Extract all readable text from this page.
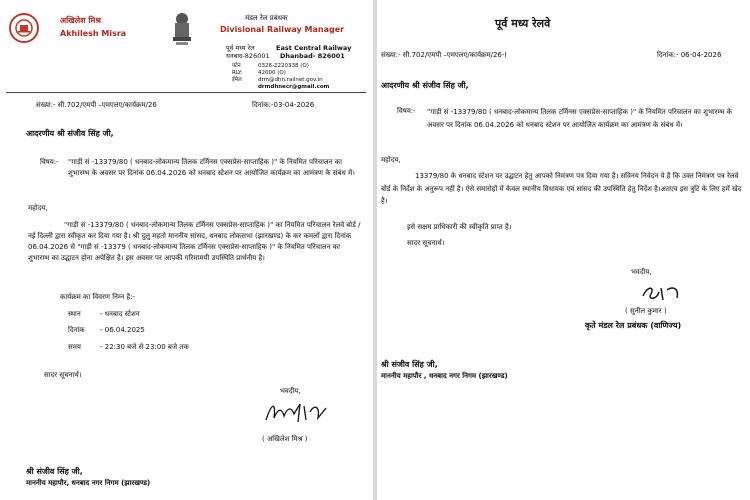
अखिलेश मिश्र
Akhilesh Misra
मंडल रेल प्रबंधक
Divisional Railway Manager
पूर्व मध्य रेल
धनबाद-826001
East Central Railway
Dhanbad- 826001
फोन	0326-2220338 (O)
RLY:	42000 (O)
ईमेल	drm@dhn.railnet.gov.in
drmdhnecr@gmail.com
संख्या:- सी.702/एमपी –एमएलए/कार्यक्रम/26	दिनांक:-03-04-2026
आदरणीय श्री संजीव सिंह जी,
विषय:- "गाड़ी सं -13379/80 ( धनबाद-लोकमान्य तिलक टर्मिनस एक्सप्रेस-साप्ताहिक )" के नियमित परिचालन का शुभारम्भ के अवसर पर दिनांक 06.04.2026 को धनबाद स्टेशन पर आयोजित कार्यक्रम का आमंत्रण के संबंध में।
महोदय,
"गाड़ी सं -13379/80 ( धनबाद-लोकमान्य तिलक टर्मिनस एक्सप्रेस-साप्ताहिक )" का नियमित परिचालन रेलवे बोर्ड / नई दिल्ली द्वारा स्वीकृत कर दिया गया है। श्री दुलु महतो माननीय सांसद, धनबाद लोकसभा (झारखण्ड) के कर कमलों द्वारा दिनांक 06.04.2026 से "गाड़ी सं -13379 ( धनबाद-लोकमान्य तिलक टर्मिनस एक्सप्रेस-साप्ताहिक )" के नियमित परिचालन का शुभारम्भ का उद्घाटन होना अपेक्षित है। इस अवसर पर आपकी गरिमामयी उपस्थिति प्रार्थनीय है।
कार्यक्रम का विवरण निम्न है:-
स्थान	- धनबाद स्टेशन
दिनांक - 06.04.2025
समय	- 22:30 बजे से 23:00 बजे तक
सादर सूचनार्थ।
भवदीय,
( अखिलेश मिश्र )
श्री संजीव सिंह जी,
माननीय महापौर, धनबाद नगर निगम (झारखण्ड)
पूर्व मध्य रेलवे
संख्या:- सी.702/एमपी –एमएलए/कार्यक्रम/26-I	दिनांक:- 06-04-2026
आदरणीय श्री संजीव सिंह जी,
विषय:- "गाड़ी सं -13379/80 ( धनबाद-लोकमान्य तिलक टर्मिनस एक्सप्रेस-साप्ताहिक )" के नियमित परिचालन का शुभारम्भ के अवसर पर दिनांक 06.04.2026 को धनबाद स्टेशन पर आयोजित कार्यक्रम का आमंत्रण के संबंध में।
महोदय,
13379/80 के धनबाद स्टेशन पर उद्घाटन हेतु आपको निमंत्रण पत्र दिया गया है। सविनय निवेदन ये है कि उक्त निमंत्रण पत्र रेलवे बोर्ड के निर्देश के अनुरूप नहीं है। ऐसे समारोहों में केवल स्थानीय विधायक एवं सांसद की उपस्थिति हेतु निर्देश है।अतएव इस त्रुटि के लिए हमें खेद है।
इसे सक्षम प्राधिकारी की स्वीकृति प्राप्त है।
सादर सूचनार्थ।
भवदीय,
( सुनील कुमार )
कृते मंडल रेल प्रबंधक (वाणिज्य)
श्री संजीव सिंह जी,
माननीय महापौर , धनबाद नगर निगम (झारखण्ड)
